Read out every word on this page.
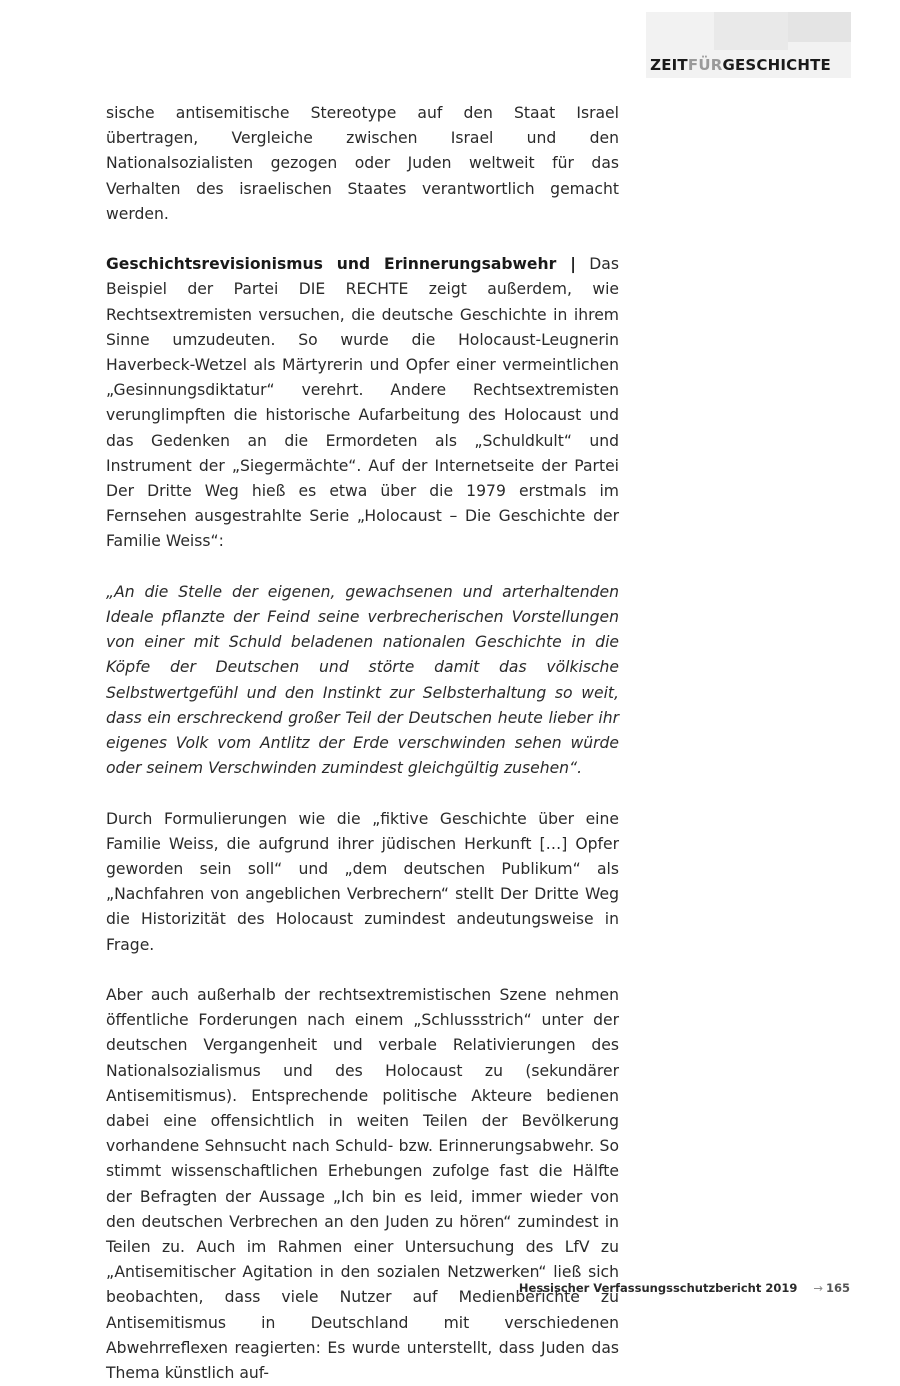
ZEITFÜRGESCHICHTE

sische antisemitische Stereotype auf den Staat Israel übertragen, Vergleiche zwischen Israel und den Nationalsozialisten gezogen oder Juden weltweit für das Verhalten des israelischen Staates verantwortlich gemacht werden.

Geschichtsrevisionismus und Erinnerungsabwehr | Das Beispiel der Partei DIE RECHTE zeigt außerdem, wie Rechtsextremisten versuchen, die deutsche Geschichte in ihrem Sinne umzudeuten. So wurde die Holocaust-Leugnerin Haverbeck-Wetzel als Märtyrerin und Opfer einer vermeintlichen „Gesinnungsdiktatur“ verehrt. Andere Rechtsextremisten verunglimpften die historische Aufarbeitung des Holocaust und das Gedenken an die Ermordeten als „Schuldkult“ und Instrument der „Siegermächte“. Auf der Internetseite der Partei Der Dritte Weg hieß es etwa über die 1979 erstmals im Fernsehen ausgestrahlte Serie „Holocaust – Die Geschichte der Familie Weiss“:

„An die Stelle der eigenen, gewachsenen und arterhaltenden Ideale pflanzte der Feind seine verbrecherischen Vorstellungen von einer mit Schuld beladenen nationalen Geschichte in die Köpfe der Deutschen und störte damit das völkische Selbstwertgefühl und den Instinkt zur Selbsterhaltung so weit, dass ein erschreckend großer Teil der Deutschen heute lieber ihr eigenes Volk vom Antlitz der Erde verschwinden sehen würde oder seinem Verschwinden zumindest gleichgültig zusehen“.

Durch Formulierungen wie die „fiktive Geschichte über eine Familie Weiss, die aufgrund ihrer jüdischen Herkunft […] Opfer geworden sein soll“ und „dem deutschen Publikum“ als „Nachfahren von angeblichen Verbrechern“ stellt Der Dritte Weg die Historizität des Holocaust zumindest andeutungsweise in Frage.

Aber auch außerhalb der rechtsextremistischen Szene nehmen öffentliche Forderungen nach einem „Schlussstrich“ unter der deutschen Vergangenheit und verbale Relativierungen des Nationalsozialismus und des Holocaust zu (sekundärer Antisemitismus). Entsprechende politische Akteure bedienen dabei eine offensichtlich in weiten Teilen der Bevölkerung vorhandene Sehnsucht nach Schuld- bzw. Erinnerungsabwehr. So stimmt wissenschaftlichen Erhebungen zufolge fast die Hälfte der Befragten der Aussage „Ich bin es leid, immer wieder von den deutschen Verbrechen an den Juden zu hören“ zumindest in Teilen zu. Auch im Rahmen einer Untersuchung des LfV zu „Antisemitischer Agitation in den sozialen Netzwerken“ ließ sich beobachten, dass viele Nutzer auf Medienberichte zu Antisemitismus in Deutschland mit verschiedenen Abwehrreflexen reagierten: Es wurde unterstellt, dass Juden das Thema künstlich auf-

Hessischer Verfassungsschutzbericht 2019 → 165
